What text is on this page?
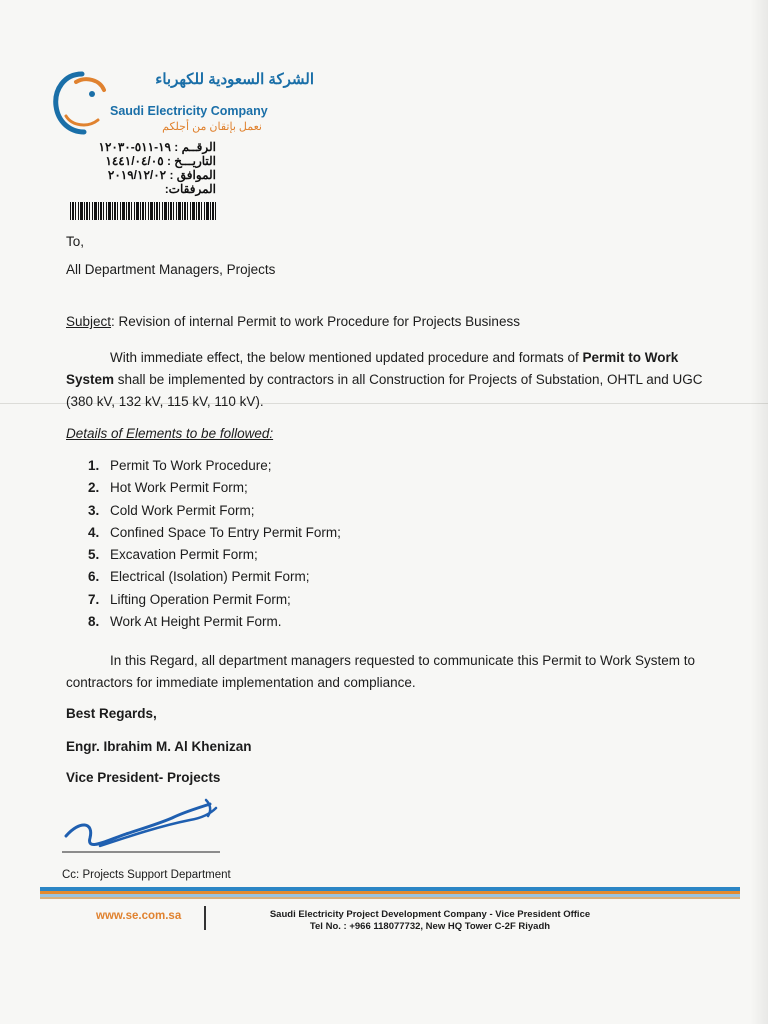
الشركة السعودية للكهرباء
Saudi Electricity Company
نعمل بإتقان من أجلكم
الرقــم : ١٩-٥١١-١٢٠٣٠
التاريـــخ : ١٤٤١/٠٤/٠٥
الموافق : ٢٠١٩/١٢/٠٢
المرفقات:
To,
All Department Managers, Projects
Subject: Revision of internal Permit to work Procedure for Projects Business
With immediate effect, the below mentioned updated procedure and formats of Permit to Work System shall be implemented by contractors in all Construction for Projects of Substation, OHTL and UGC (380 kV, 132 kV, 115 kV, 110 kV).
Details of Elements to be followed:
1. Permit To Work Procedure;
2. Hot Work Permit Form;
3. Cold Work Permit Form;
4. Confined Space To Entry Permit Form;
5. Excavation Permit Form;
6. Electrical (Isolation) Permit Form;
7. Lifting Operation Permit Form;
8. Work At Height Permit Form.
In this Regard, all department managers requested to communicate this Permit to Work System to contractors for immediate implementation and compliance.
Best Regards,
Engr. Ibrahim M. Al Khenizan
Vice President- Projects
Cc: Projects Support Department
www.se.com.sa	Saudi Electricity Project Development Company - Vice President Office
Tel No. : +966 118077732, New HQ Tower C-2F Riyadh
